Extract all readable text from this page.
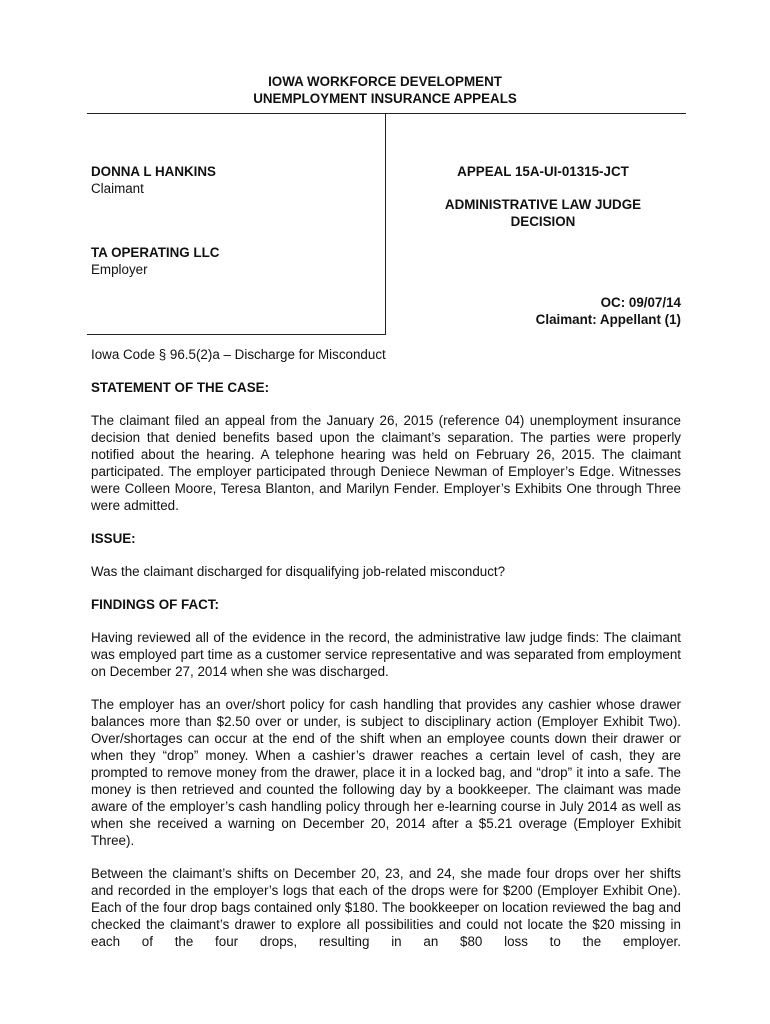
IOWA WORKFORCE DEVELOPMENT
UNEMPLOYMENT INSURANCE APPEALS
DONNA L HANKINS
Claimant
TA OPERATING LLC
Employer
APPEAL 15A-UI-01315-JCT
ADMINISTRATIVE LAW JUDGE
DECISION
OC: 09/07/14
Claimant: Appellant (1)

Iowa Code § 96.5(2)a – Discharge for Misconduct

STATEMENT OF THE CASE:

The claimant filed an appeal from the January 26, 2015 (reference 04) unemployment insurance decision that denied benefits based upon the claimant’s separation. The parties were properly notified about the hearing. A telephone hearing was held on February 26, 2015. The claimant participated. The employer participated through Deniece Newman of Employer’s Edge. Witnesses were Colleen Moore, Teresa Blanton, and Marilyn Fender. Employer’s Exhibits One through Three were admitted.

ISSUE:

Was the claimant discharged for disqualifying job-related misconduct?

FINDINGS OF FACT:

Having reviewed all of the evidence in the record, the administrative law judge finds: The claimant was employed part time as a customer service representative and was separated from employment on December 27, 2014 when she was discharged.

The employer has an over/short policy for cash handling that provides any cashier whose drawer balances more than $2.50 over or under, is subject to disciplinary action (Employer Exhibit Two). Over/shortages can occur at the end of the shift when an employee counts down their drawer or when they “drop” money. When a cashier’s drawer reaches a certain level of cash, they are prompted to remove money from the drawer, place it in a locked bag, and “drop” it into a safe. The money is then retrieved and counted the following day by a bookkeeper. The claimant was made aware of the employer’s cash handling policy through her e-learning course in July 2014 as well as when she received a warning on December 20, 2014 after a $5.21 overage (Employer Exhibit Three).

Between the claimant’s shifts on December 20, 23, and 24, she made four drops over her shifts and recorded in the employer’s logs that each of the drops were for $200 (Employer Exhibit One). Each of the four drop bags contained only $180. The bookkeeper on location reviewed the bag and checked the claimant’s drawer to explore all possibilities and could not locate the $20 missing in each of the four drops, resulting in an $80 loss to the employer.
